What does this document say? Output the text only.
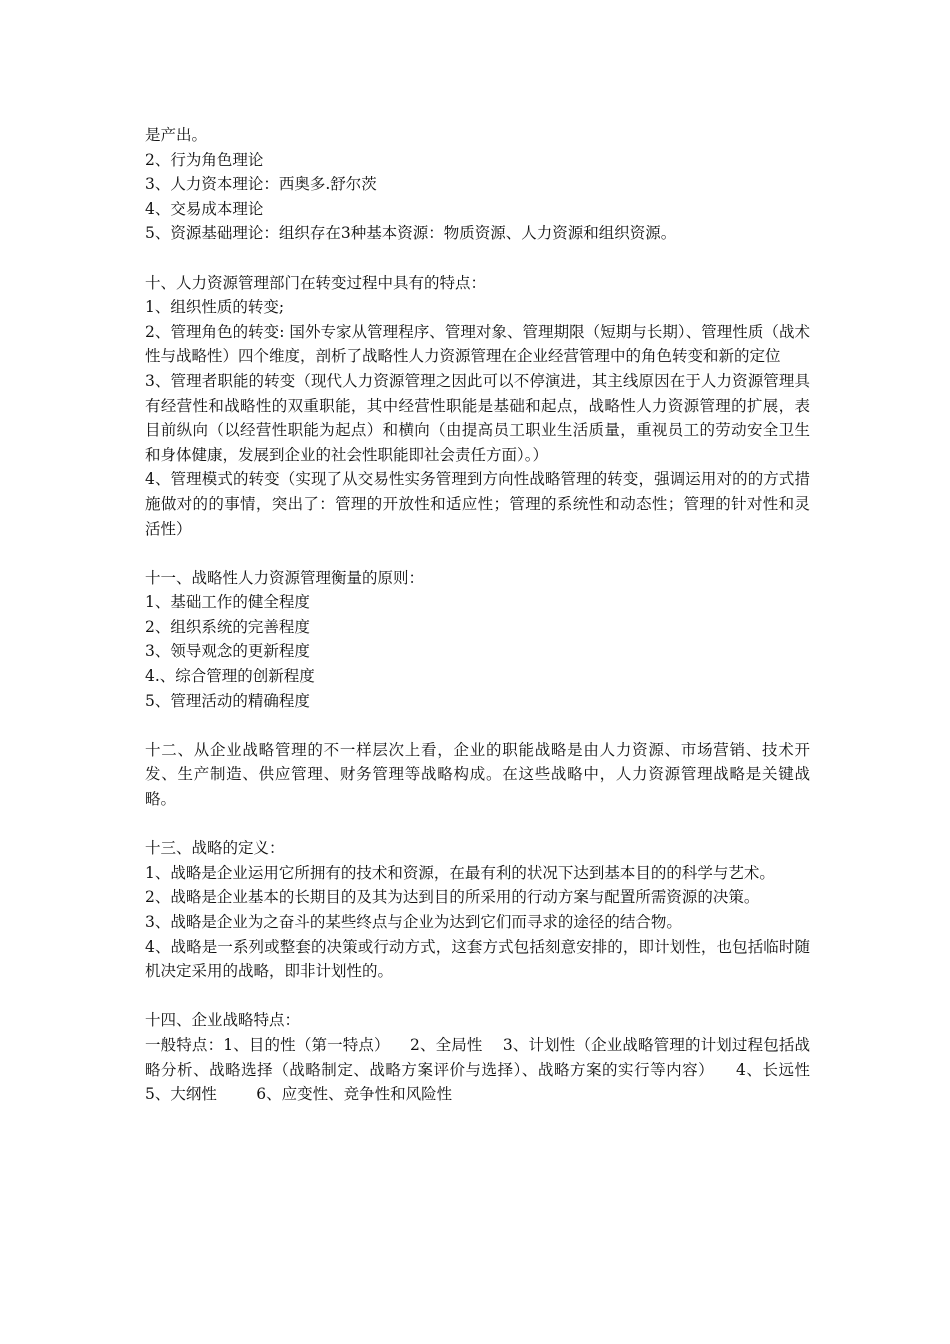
是产出。

2、行为角色理论

3、人力资本理论：西奥多.舒尔茨

4、交易成本理论

5、资源基础理论：组织存在3种基本资源：物质资源、人力资源和组织资源。

十、人力资源管理部门在转变过程中具有的特点：

1、组织性质的转变;

2、管理角色的转变: 国外专家从管理程序、管理对象、管理期限（短期与长期）、管理性质（战术性与战略性）四个维度，剖析了战略性人力资源管理在企业经营管理中的角色转变和新的定位

3、管理者职能的转变（现代人力资源管理之因此可以不停演进，其主线原因在于人力资源管理具有经营性和战略性的双重职能，其中经营性职能是基础和起点，战略性人力资源管理的扩展，表目前纵向（以经营性职能为起点）和横向（由提高员工职业生活质量，重视员工的劳动安全卫生和身体健康，发展到企业的社会性职能即社会责任方面）。）

4、管理模式的转变（实现了从交易性实务管理到方向性战略管理的转变，强调运用对的的方式措施做对的的事情，突出了：管理的开放性和适应性；管理的系统性和动态性；管理的针对性和灵活性）

十一、战略性人力资源管理衡量的原则：

1、基础工作的健全程度

2、组织系统的完善程度

3、领导观念的更新程度

4.、综合管理的创新程度

5、管理活动的精确程度

十二、从企业战略管理的不一样层次上看，企业的职能战略是由人力资源、市场营销、技术开发、生产制造、供应管理、财务管理等战略构成。在这些战略中，人力资源管理战略是关键战略。

十三、战略的定义：

1、战略是企业运用它所拥有的技术和资源，在最有利的状况下达到基本目的的科学与艺术。

2、战略是企业基本的长期目的及其为达到目的所采用的行动方案与配置所需资源的决策。

3、战略是企业为之奋斗的某些终点与企业为达到它们而寻求的途径的结合物。

4、战略是一系列或整套的决策或行动方式，这套方式包括刻意安排的，即计划性，也包括临时随机决定采用的战略，即非计划性的。

十四、企业战略特点：

一般特点：1、目的性（第一特点）    2、全局性    3、计划性（企业战略管理的计划过程包括战略分析、战略选择（战略制定、战略方案评价与选择）、战略方案的实行等内容）    4、长远性    5、大纲性        6、应变性、竞争性和风险性
